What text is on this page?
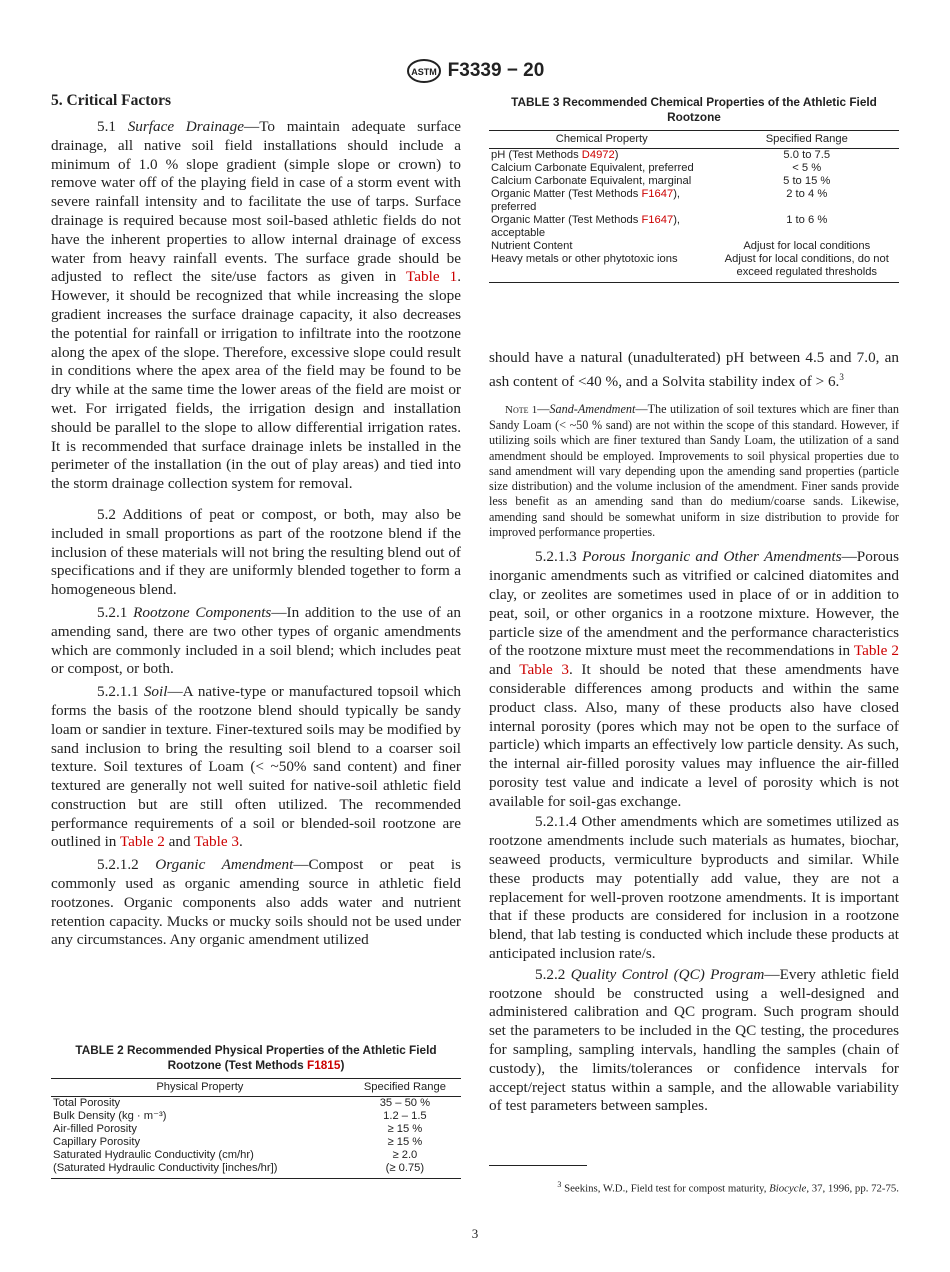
ASTM F3339 − 20
5. Critical Factors

5.1 Surface Drainage—To maintain adequate surface drainage, all native soil field installations should include a minimum of 1.0 % slope gradient (simple slope or crown) to remove water off of the playing field in case of a storm event with severe rainfall intensity and to facilitate the use of tarps. Surface drainage is required because most soil-based athletic fields do not have the inherent properties to allow internal drainage of excess water from heavy rainfall events. The surface grade should be adjusted to reflect the site/use factors as given in Table 1. However, it should be recognized that while increasing the slope gradient increases the surface drainage capacity, it also decreases the potential for rainfall or irrigation to infiltrate into the rootzone along the apex of the slope. Therefore, excessive slope could result in conditions where the apex area of the field may be found to be dry while at the same time the lower areas of the field are moist or wet. For irrigated fields, the irrigation design and installation should be parallel to the slope to allow differential irrigation rates. It is recommended that surface drainage inlets be installed in the perimeter of the installation (in the out of play areas) and tied into the storm drainage collection system for removal.

5.2 Additions of peat or compost, or both, may also be included in small proportions as part of the rootzone blend if the inclusion of these materials will not bring the resulting blend out of specifications and if they are uniformly blended together to form a homogeneous blend.

5.2.1 Rootzone Components—In addition to the use of an amending sand, there are two other types of organic amendments which are commonly included in a soil blend; which includes peat or compost, or both.

5.2.1.1 Soil—A native-type or manufactured topsoil which forms the basis of the rootzone blend should typically be sandy loam or sandier in texture. Finer-textured soils may be modified by sand inclusion to bring the resulting soil blend to a coarser soil texture. Soil textures of Loam (< ~50% sand content) and finer textured are generally not well suited for native-soil athletic field construction but are still often utilized. The recommended performance requirements of a soil or blended-soil rootzone are outlined in Table 2 and Table 3.

5.2.1.2 Organic Amendment—Compost or peat is commonly used as organic amending source in athletic field rootzones. Organic components also adds water and nutrient retention capacity. Mucks or mucky soils should not be used under any circumstances. Any organic amendment utilized

TABLE 2 Recommended Physical Properties of the Athletic Field Rootzone (Test Methods F1815)
Physical Property	Specified Range
Total Porosity	35 – 50 %
Bulk Density (kg · m⁻³)	1.2 – 1.5
Air-filled Porosity	≥ 15 %
Capillary Porosity	≥ 15 %
Saturated Hydraulic Conductivity (cm/hr)	≥ 2.0
(Saturated Hydraulic Conductivity [inches/hr])	(≥ 0.75)
TABLE 3 Recommended Chemical Properties of the Athletic Field Rootzone
Chemical Property	Specified Range
pH (Test Methods D4972)	5.0 to 7.5
Calcium Carbonate Equivalent, preferred	< 5 %
Calcium Carbonate Equivalent, marginal	5 to 15 %
Organic Matter (Test Methods F1647), preferred	2 to 4 %
Organic Matter (Test Methods F1647), acceptable	1 to 6 %
Nutrient Content	Adjust for local conditions
Heavy metals or other phytotoxic ions	Adjust for local conditions, do not exceed regulated thresholds

should have a natural (unadulterated) pH between 4.5 and 7.0, an ash content of <40 %, and a Solvita stability index of > 6.$^3$

Note 1—Sand-Amendment—The utilization of soil textures which are finer than Sandy Loam (< ~50 % sand) are not within the scope of this standard. However, if utilizing soils which are finer textured than Sandy Loam, the utilization of a sand amendment should be employed. Improvements to soil physical properties due to sand amendment will vary depending upon the amending sand properties (particle size distribution) and the volume inclusion of the amendment. Finer sands provide less benefit as an amending sand than do medium/coarse sands. Likewise, amending sand should be somewhat uniform in size distribution to provide for improved performance properties.

5.2.1.3 Porous Inorganic and Other Amendments—Porous inorganic amendments such as vitrified or calcined diatomites and clay, or zeolites are sometimes used in place of or in addition to peat, soil, or other organics in a rootzone mixture. However, the particle size of the amendment and the performance characteristics of the rootzone mixture must meet the recommendations in Table 2 and Table 3. It should be noted that these amendments have considerable differences among products and within the same product class. Also, many of these products also have closed internal porosity (pores which may not be open to the surface of particle) which imparts an effectively low particle density. As such, the internal air-filled porosity values may influence the air-filled porosity test value and indicate a level of porosity which is not available for soil-gas exchange.

5.2.1.4 Other amendments which are sometimes utilized as rootzone amendments include such materials as humates, biochar, seaweed products, vermiculture byproducts and similar. While these products may potentially add value, they are not a replacement for well-proven rootzone amendments. It is important that if these products are considered for inclusion in a rootzone blend, that lab testing is conducted which include these products at anticipated inclusion rate/s.

5.2.2 Quality Control (QC) Program—Every athletic field rootzone should be constructed using a well-designed and administered calibration and QC program. Such program should set the parameters to be included in the QC testing, the procedures for sampling, sampling intervals, handling the samples (chain of custody), the limits/tolerances or confidence intervals for accept/reject status within a sample, and the allowable variability of test parameters between samples.

$^3$ Seekins, W.D., Field test for compost maturity, Biocycle, 37, 1996, pp. 72-75.
3
